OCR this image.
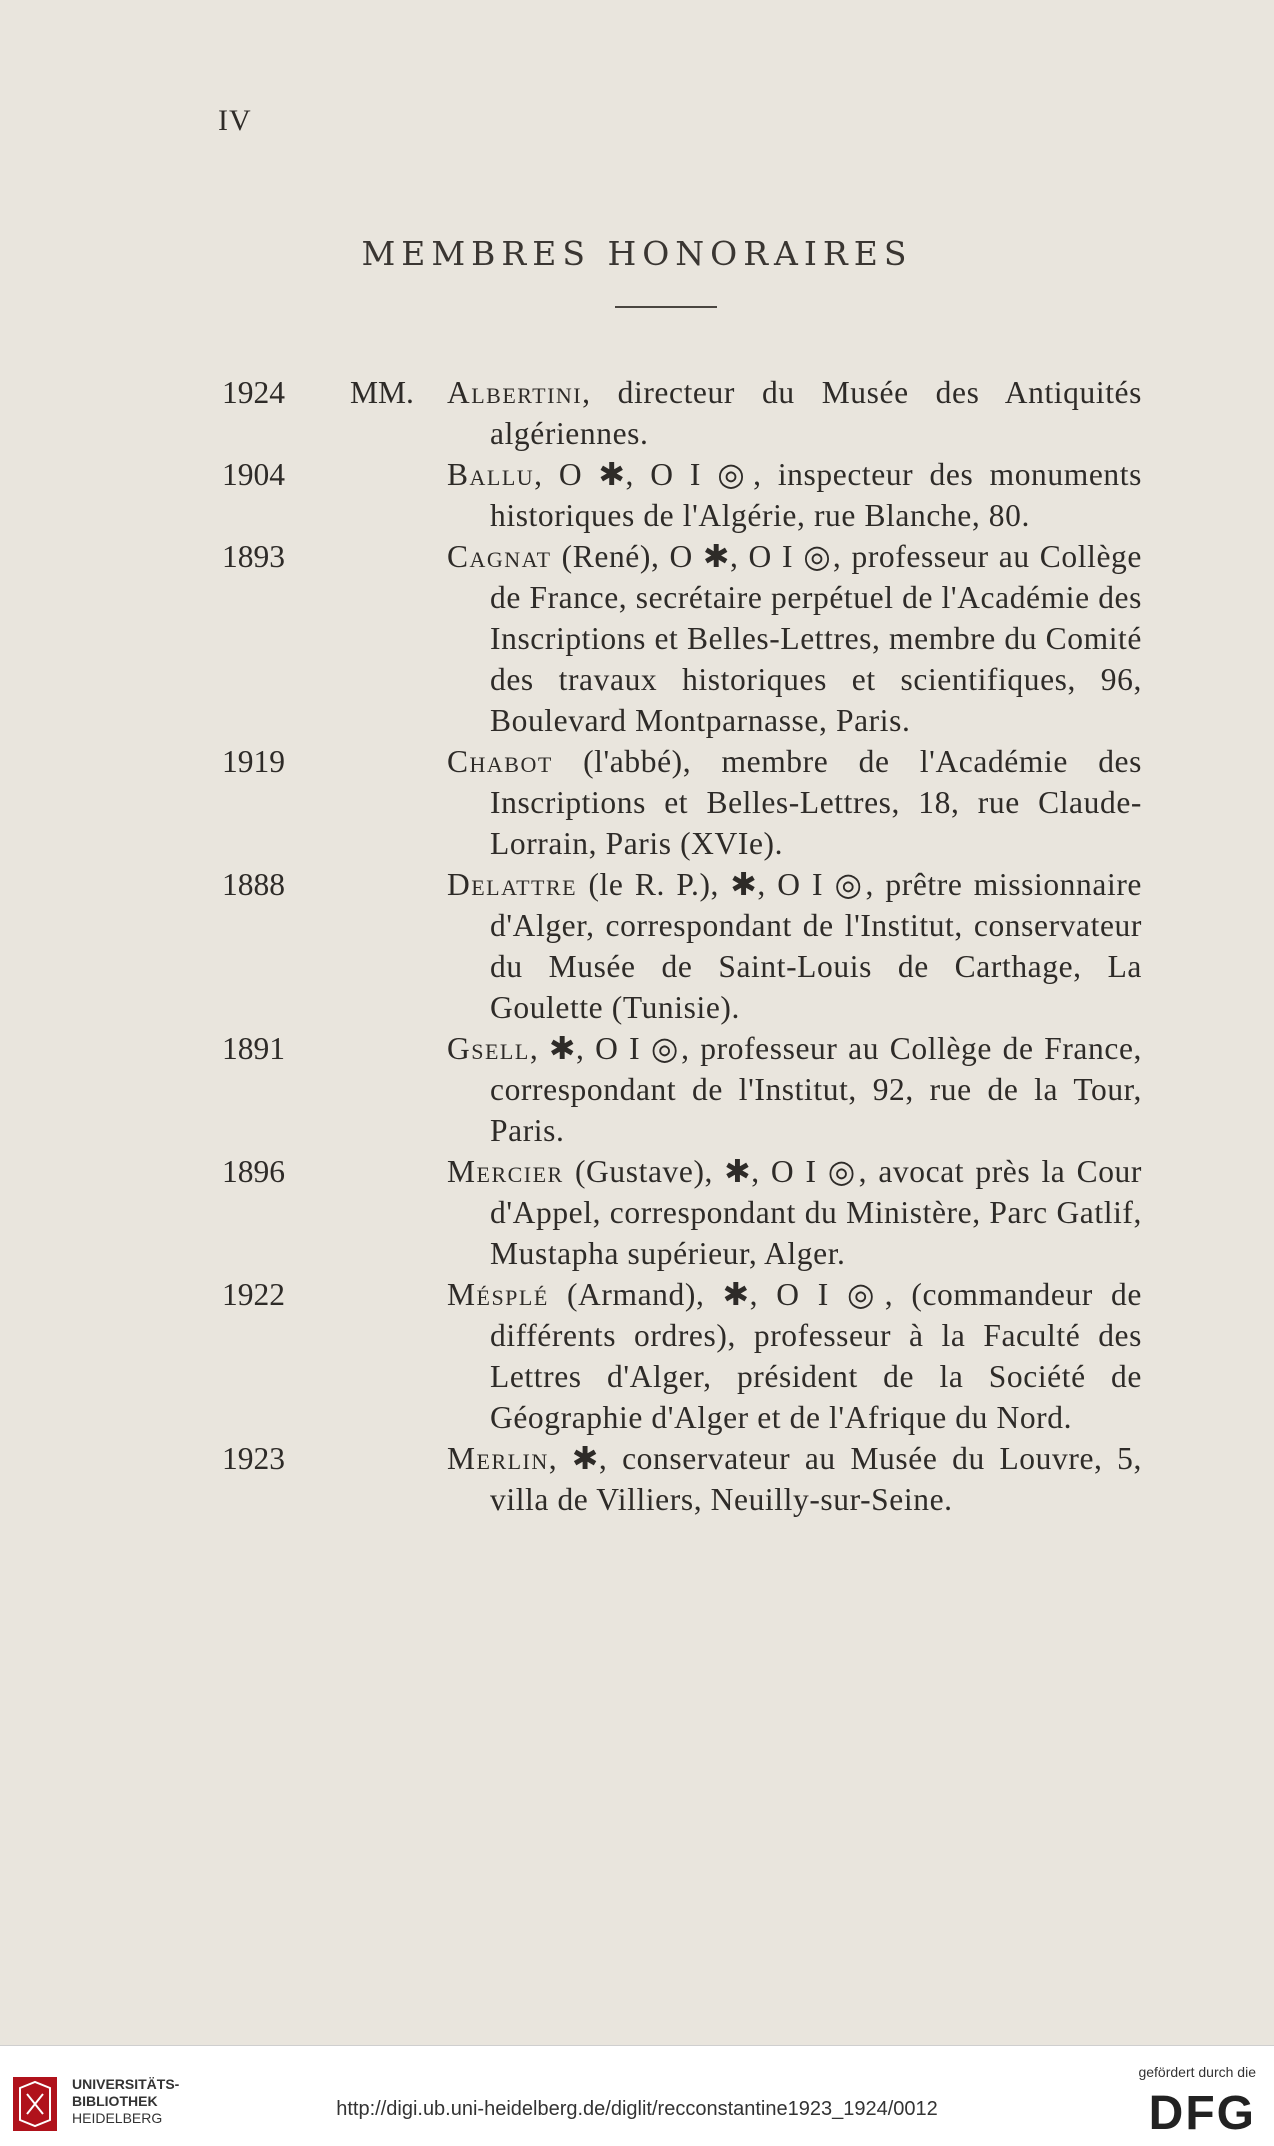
IV
MEMBRES HONORAIRES
1924	MM. Albertini, directeur du Musée des Antiquités algériennes.
1904	Ballu, O ✱, O I ◎, inspecteur des monuments historiques de l'Algérie, rue Blanche, 80.
1893	Cagnat (René), O ✱, O I ◎, professeur au Collège de France, secrétaire perpétuel de l'Académie des Inscriptions et Belles-Lettres, membre du Comité des travaux historiques et scientifiques, 96, Boulevard Montparnasse, Paris.
1919	Chabot (l'abbé), membre de l'Académie des Inscriptions et Belles-Lettres, 18, rue Claude-Lorrain, Paris (XVIe).
1888	Delattre (le R. P.), ✱, O I ◎, prêtre missionnaire d'Alger, correspondant de l'Institut, conservateur du Musée de Saint-Louis de Carthage, La Goulette (Tunisie).
1891	Gsell, ✱, O I ◎, professeur au Collège de France, correspondant de l'Institut, 92, rue de la Tour, Paris.
1896	Mercier (Gustave), ✱, O I ◎, avocat près la Cour d'Appel, correspondant du Ministère, Parc Gatlif, Mustapha supérieur, Alger.
1922	Mésplé (Armand), ✱, O I ◎, (commandeur de différents ordres), professeur à la Faculté des Lettres d'Alger, président de la Société de Géographie d'Alger et de l'Afrique du Nord.
1923	Merlin, ✱, conservateur au Musée du Louvre, 5, villa de Villiers, Neuilly-sur-Seine.
UNIVERSITÄTS-
BIBLIOTHEK
HEIDELBERG	http://digi.ub.uni-heidelberg.de/diglit/recconstantine1923_1924/0012
gefördert durch die
DFG
